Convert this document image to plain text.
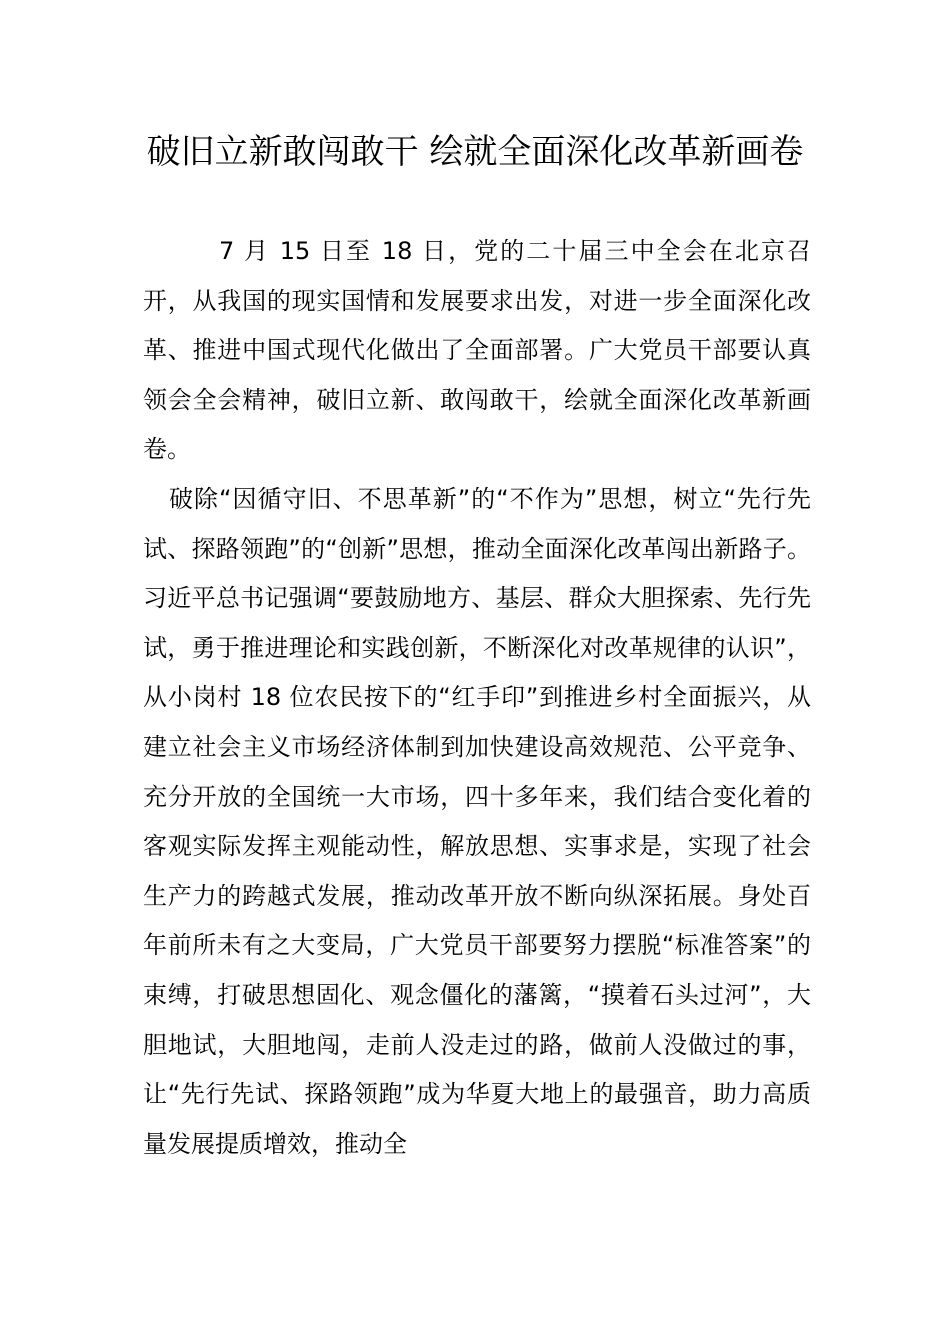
破旧立新敢闯敢干 绘就全面深化改革新画卷

7 月 15 日至 18 日，党的二十届三中全会在北京召开，从我国的现实国情和发展要求出发，对进一步全面深化改革、推进中国式现代化做出了全面部署。广大党员干部要认真领会全会精神，破旧立新、敢闯敢干，绘就全面深化改革新画卷。

破除“因循守旧、不思革新”的“不作为”思想，树立“先行先试、探路领跑”的“创新”思想，推动全面深化改革闯出新路子。习近平总书记强调“要鼓励地方、基层、群众大胆探索、先行先试，勇于推进理论和实践创新，不断深化对改革规律的认识”，从小岗村 18 位农民按下的“红手印”到推进乡村全面振兴，从建立社会主义市场经济体制到加快建设高效规范、公平竞争、充分开放的全国统一大市场，四十多年来，我们结合变化着的客观实际发挥主观能动性，解放思想、实事求是，实现了社会生产力的跨越式发展，推动改革开放不断向纵深拓展。身处百年前所未有之大变局，广大党员干部要努力摆脱“标准答案”的束缚，打破思想固化、观念僵化的藩篱，“摸着石头过河”，大胆地试，大胆地闯，走前人没走过的路，做前人没做过的事，让“先行先试、探路领跑”成为华夏大地上的最强音，助力高质量发展提质增效，推动全
